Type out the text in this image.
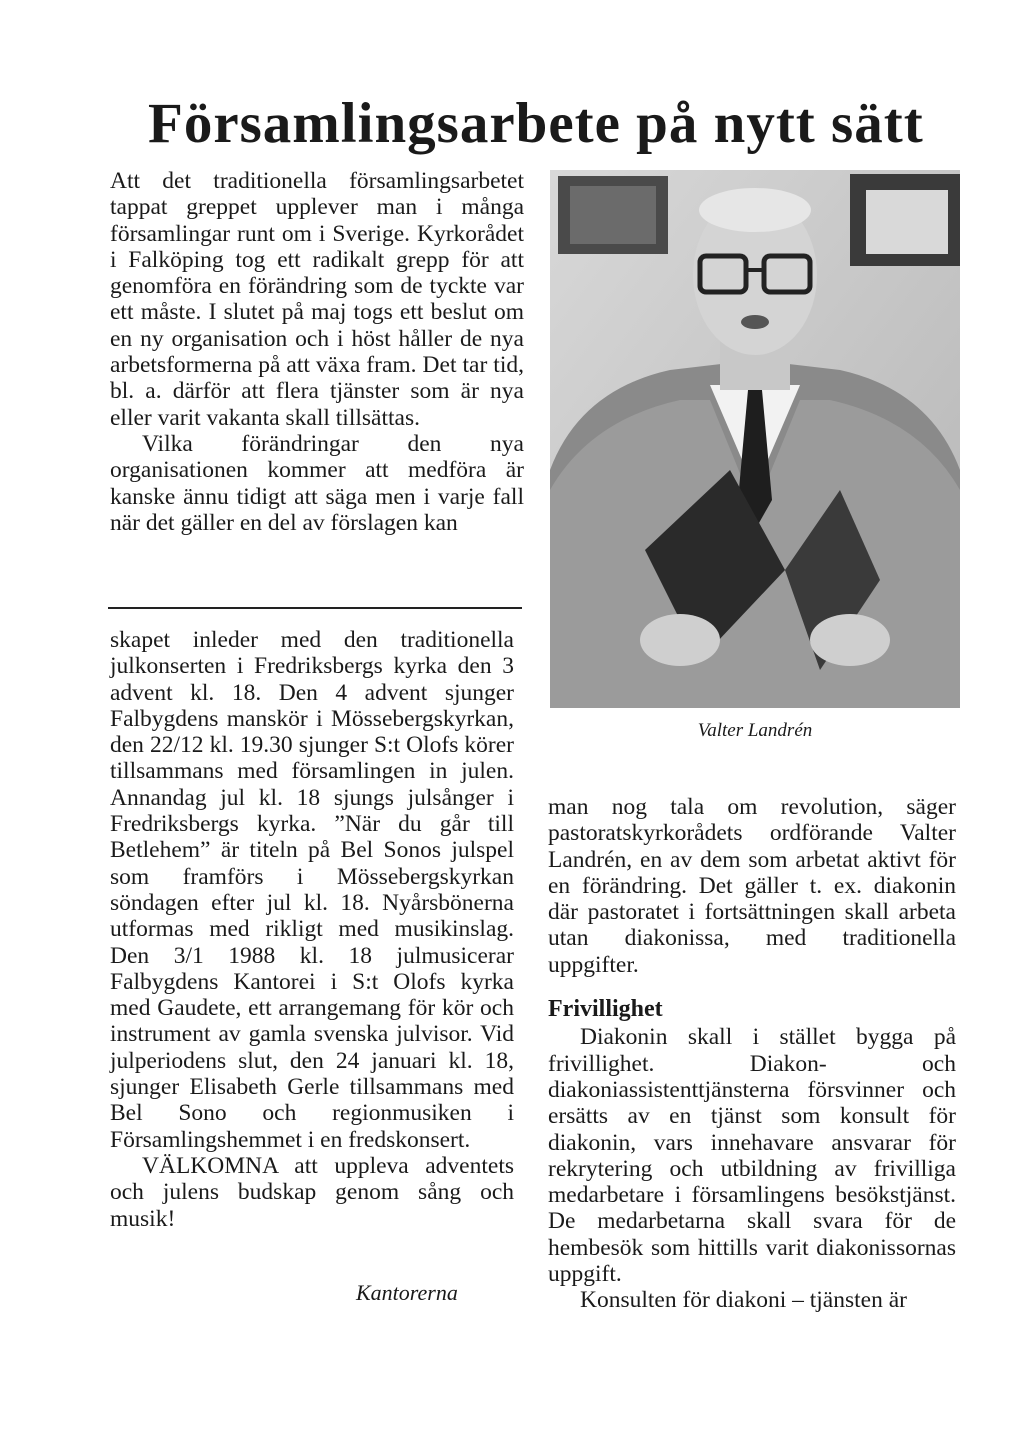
Församlingsarbete på nytt sätt

Att det traditionella församlingsarbetet tappat greppet upplever man i många församlingar runt om i Sverige. Kyrkorådet i Falköping tog ett radikalt grepp för att genomföra en förändring som de tyckte var ett måste. I slutet på maj togs ett beslut om en ny organisation och i höst håller de nya arbetsformerna på att växa fram. Det tar tid, bl. a. därför att flera tjänster som är nya eller varit vakanta skall tillsättas.

Vilka förändringar den nya organisationen kommer att medföra är kanske ännu tidigt att säga men i varje fall när det gäller en del av förslagen kan

skapet inleder med den traditionella julkonserten i Fredriksbergs kyrka den 3 advent kl. 18. Den 4 advent sjunger Falbygdens manskör i Mössebergskyrkan, den 22/12 kl. 19.30 sjunger S:t Olofs körer tillsammans med församlingen in julen. Annandag jul kl. 18 sjungs julsånger i Fredriksbergs kyrka. ”När du går till Betlehem” är titeln på Bel Sonos julspel som framförs i Mössebergskyrkan söndagen efter jul kl. 18. Nyårsbönerna utformas med rikligt med musikinslag. Den 3/1 1988 kl. 18 julmusicerar Falbygdens Kantorei i S:t Olofs kyrka med Gaudete, ett arrangemang för kör och instrument av gamla svenska julvisor. Vid julperiodens slut, den 24 januari kl. 18, sjunger Elisabeth Gerle tillsammans med Bel Sono och regionmusiken i Församlingshemmet i en fredskonsert.

VÄLKOMNA att uppleva adventets och julens budskap genom sång och musik!

Kantorerna
Valter Landrén

man nog tala om revolution, säger pastoratskyrkorådets ordförande Valter Landrén, en av dem som arbetat aktivt för en förändring. Det gäller t. ex. diakonin där pastoratet i fortsättningen skall arbeta utan diakonissa, med traditionella uppgifter.

Frivillighet

Diakonin skall i stället bygga på frivillighet. Diakon- och diakoniassistenttjänsterna försvinner och ersätts av en tjänst som konsult för diakonin, vars innehavare ansvarar för rekrytering och utbildning av frivilliga medarbetare i församlingens besökstjänst. De medarbetarna skall svara för de hembesök som hittills varit diakonissornas uppgift.

Konsulten för diakoni – tjänsten är
